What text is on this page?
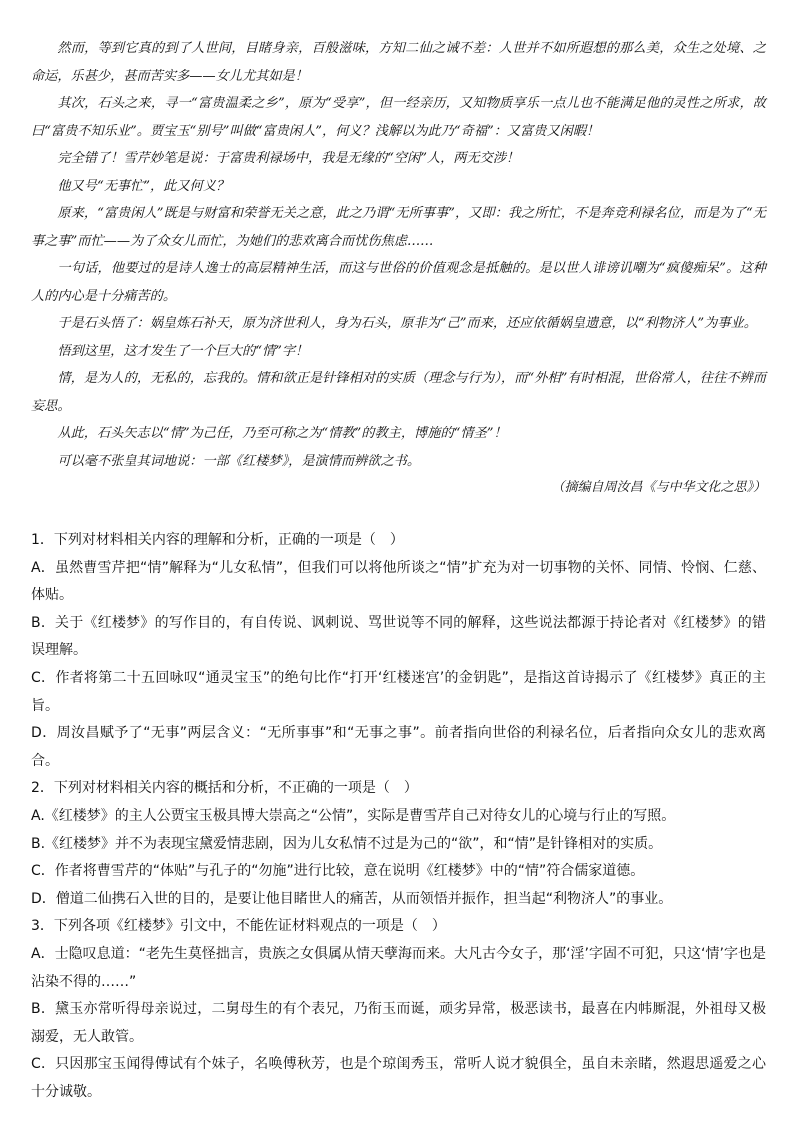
然而，等到它真的到了人世间，目睹身亲，百般滋味，方知二仙之诫不差：人世并不如所遐想的那么美，众生之处境、之命运，乐甚少，甚而苦实多——女儿尤其如是！

其次，石头之来，寻一“富贵温柔之乡”，原为“受享”，但一经亲历，又知物质享乐一点儿也不能满足他的灵性之所求，故曰“富贵不知乐业”。贾宝玉“别号”叫做“富贵闲人”，何义？浅解以为此乃“奇福”：又富贵又闲暇！

完全错了！雪芹妙笔是说：于富贵利禄场中，我是无缘的“空闲”人，两无交涉！

他又号“无事忙”，此又何义？

原来，“富贵闲人”既是与财富和荣誉无关之意，此之乃谓“无所事事”，又即：我之所忙，不是奔竞利禄名位，而是为了“无事之事”而忙——为了众女儿而忙，为她们的悲欢离合而忧伤焦虑……

一句话，他要过的是诗人逸士的高层精神生活，而这与世俗的价值观念是抵触的。是以世人诽谤讥嘲为“疯傻痴呆”。这种人的内心是十分痛苦的。

于是石头悟了：娲皇炼石补天，原为济世利人，身为石头，原非为“己”而来，还应依循娲皇遗意，以“利物济人”为事业。

悟到这里，这才发生了一个巨大的“情”字！

情，是为人的，无私的，忘我的。情和欲正是针锋相对的实质（理念与行为），而“外相”有时相混，世俗常人，往往不辨而妄思。

从此，石头矢志以“情”为己任，乃至可称之为“情教”的教主，博施的“情圣”！

可以毫不张皇其词地说：一部《红楼梦》，是演情而辨欲之书。

（摘编自周汝昌《与中华文化之思》）

1．下列对材料相关内容的理解和分析，正确的一项是（　）

A．虽然曹雪芹把“情”解释为“儿女私情”，但我们可以将他所谈之“情”扩充为对一切事物的关怀、同情、怜悯、仁慈、体贴。

B．关于《红楼梦》的写作目的，有自传说、讽刺说、骂世说等不同的解释，这些说法都源于持论者对《红楼梦》的错误理解。

C．作者将第二十五回咏叹“通灵宝玉”的绝句比作“打开‘红楼迷宫’的金钥匙”，是指这首诗揭示了《红楼梦》真正的主旨。

D．周汝昌赋予了“无事”两层含义：“无所事事”和“无事之事”。前者指向世俗的利禄名位，后者指向众女儿的悲欢离合。

2．下列对材料相关内容的概括和分析，不正确的一项是（　）

A.《红楼梦》的主人公贾宝玉极具博大崇高之“公情”，实际是曹雪芹自己对待女儿的心境与行止的写照。

B.《红楼梦》并不为表现宝黛爱情悲剧，因为儿女私情不过是为己的“欲”，和“情”是针锋相对的实质。

C．作者将曹雪芹的“体贴”与孔子的“勿施”进行比较，意在说明《红楼梦》中的“情”符合儒家道德。

D．僧道二仙携石入世的目的，是要让他目睹世人的痛苦，从而领悟并振作，担当起“利物济人”的事业。

3．下列各项《红楼梦》引文中，不能佐证材料观点的一项是（　）

A．士隐叹息道：“老先生莫怪拙言，贵族之女俱属从情天孽海而来。大凡古今女子，那‘淫’字固不可犯，只这‘情’字也是沾染不得的……”

B．黛玉亦常听得母亲说过，二舅母生的有个表兄，乃衔玉而诞，顽劣异常，极恶读书，最喜在内帏厮混，外祖母又极溺爱，无人敢管。

C．只因那宝玉闻得傅试有个妹子，名唤傅秋芳，也是个琼闺秀玉，常听人说才貌俱全，虽自未亲睹，然遐思遥爱之心十分诚敬。
